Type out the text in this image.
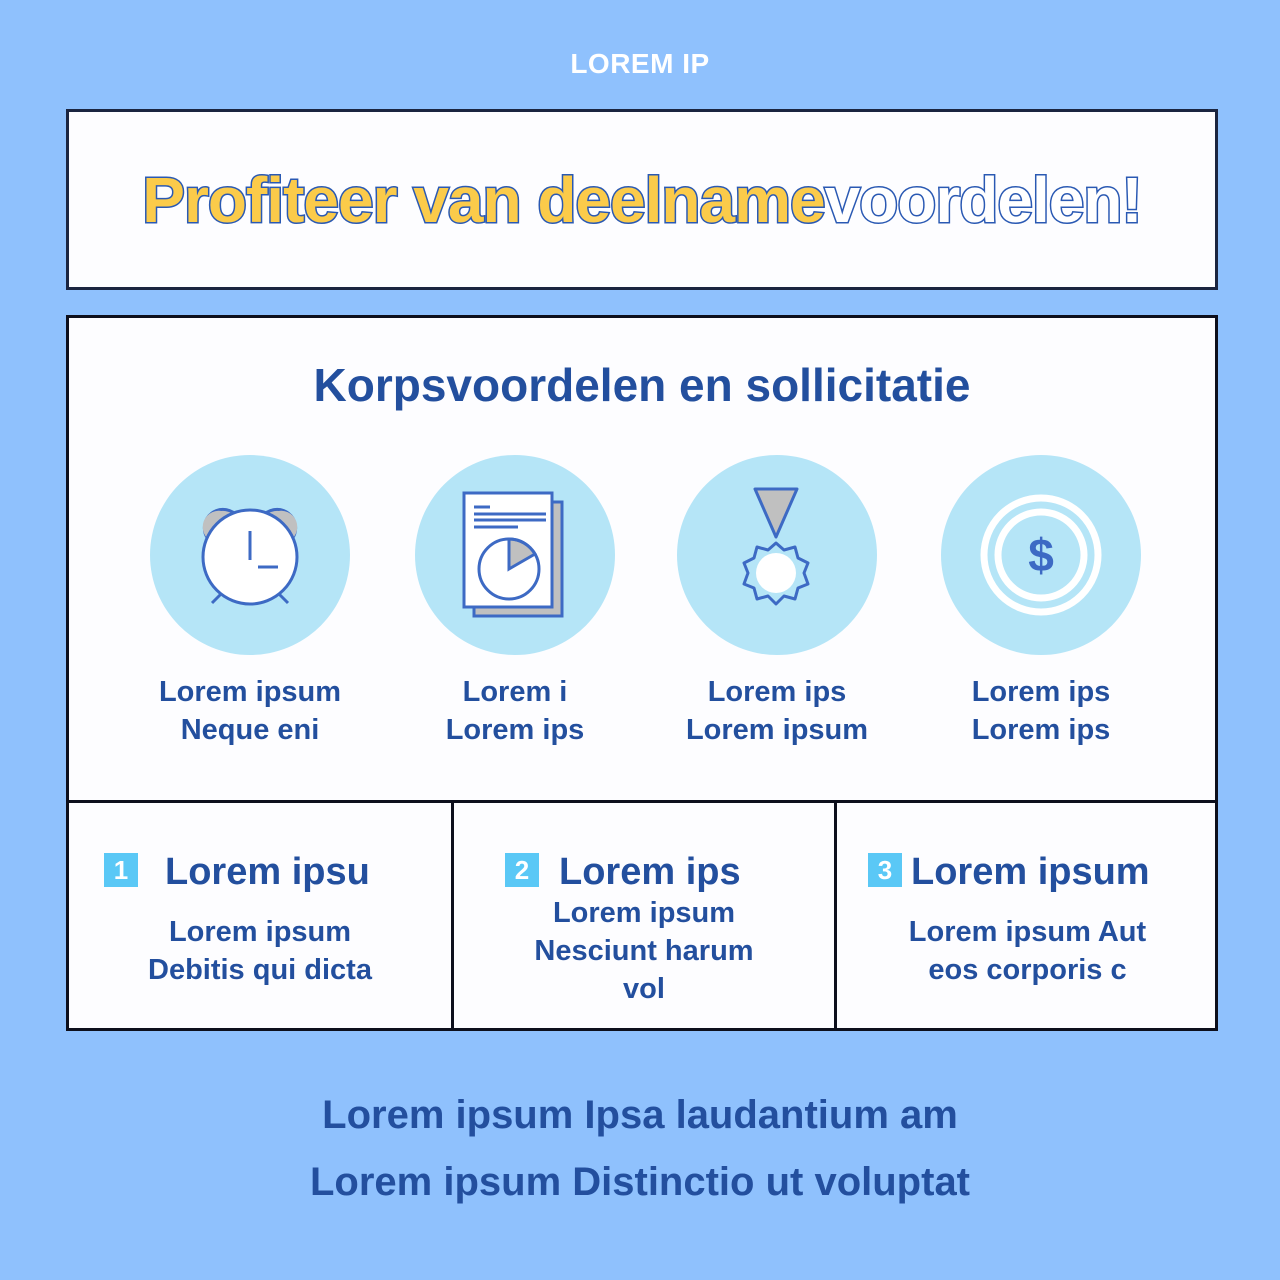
LOREM IP
Profiteer van deelnamevoordelen!
Korpsvoordelen en sollicitatie
Lorem ipsum
Neque eni
Lorem i
Lorem ips
Lorem ips
Lorem ipsum
$
Lorem ips
Lorem ips
1 Lorem ipsu
Lorem ipsum
Debitis qui dicta
2 Lorem ips
Lorem ipsum
Nesciunt harum
vol
3 Lorem ipsum
Lorem ipsum Aut
eos corporis c
Lorem ipsum Ipsa laudantium am
Lorem ipsum Distinctio ut voluptat
